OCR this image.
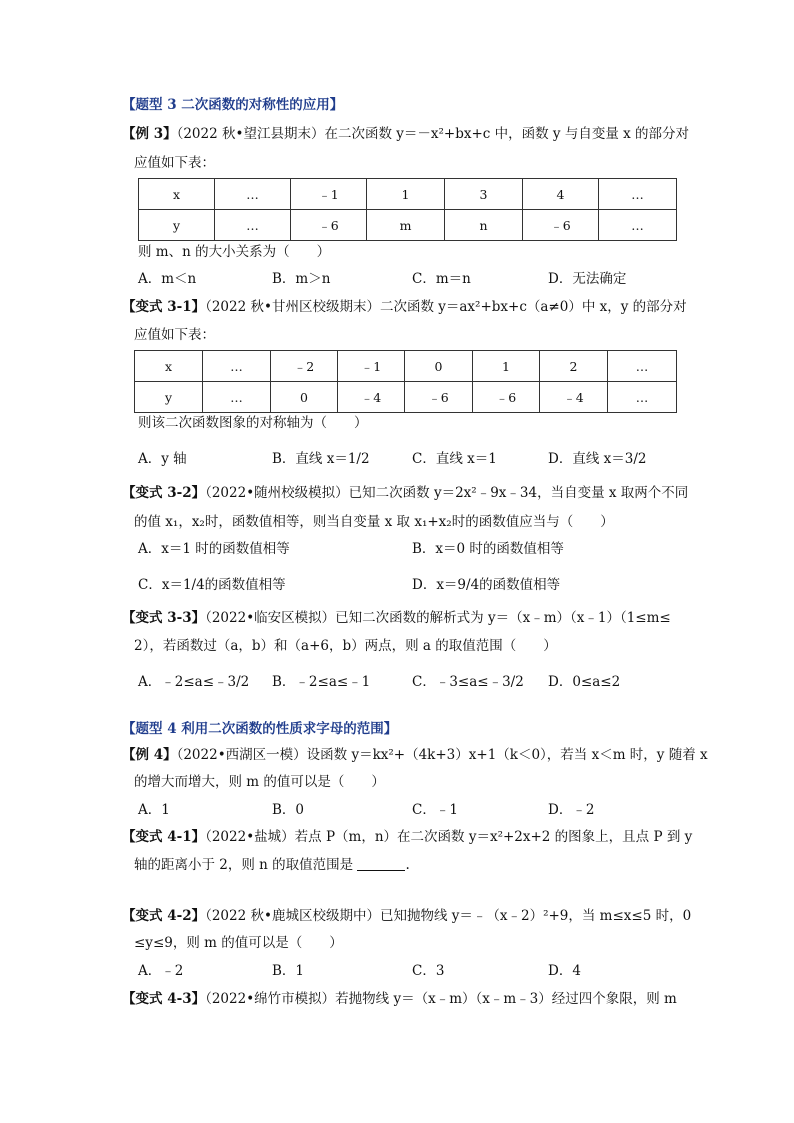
【题型 3 二次函数的对称性的应用】
【例 3】（2022 秋•望江县期末）在二次函数 y＝－x²+bx+c 中，函数 y 与自变量 x 的部分对
应值如下表：
x	…	﹣1	1	3	4	…
y	…	﹣6	m	n	﹣6	…
则 m、n 的大小关系为（　　）
A．m＜n	B．m＞n	C．m＝n	D．无法确定
【变式 3-1】（2022 秋•甘州区校级期末）二次函数 y＝ax²+bx+c（a≠0）中 x，y 的部分对
应值如下表：
x	…	﹣2	﹣1	0	1	2	…
y	…	0	﹣4	﹣6	﹣6	﹣4	…
则该二次函数图象的对称轴为（　　）
A．y 轴	B．直线 x＝1/2	C．直线 x＝1	D．直线 x＝3/2
【变式 3-2】（2022•随州校级模拟）已知二次函数 y＝2x²﹣9x﹣34，当自变量 x 取两个不同
的值 x₁，x₂时，函数值相等，则当自变量 x 取 x₁+x₂时的函数值应当与（　　）
A．x＝1 时的函数值相等	B．x＝0 时的函数值相等
C．x＝1/4的函数值相等	D．x＝9/4的函数值相等
【变式 3-3】（2022•临安区模拟）已知二次函数的解析式为 y＝（x﹣m）（x﹣1）（1≤m≤
2），若函数过（a，b）和（a+6，b）两点，则 a 的取值范围（　　）
A．﹣2≤a≤﹣3/2 B．﹣2≤a≤﹣1	C．﹣3≤a≤﹣3/2 D．0≤a≤2
【题型 4 利用二次函数的性质求字母的范围】
【例 4】（2022•西湖区一模）设函数 y＝kx²+（4k+3）x+1（k＜0），若当 x＜m 时，y 随着 x
的增大而增大，则 m 的值可以是（　　）
A．1	B．0	C．﹣1	D．﹣2
【变式 4-1】（2022•盐城）若点 P（m，n）在二次函数 y＝x²+2x+2 的图象上，且点 P 到 y
轴的距离小于 2，则 n 的取值范围是	.
【变式 4-2】（2022 秋•鹿城区校级期中）已知抛物线 y＝﹣（x﹣2）²+9，当 m≤x≤5 时，0
≤y≤9，则 m 的值可以是（　　）
A．﹣2	B．1	C．3	D．4
【变式 4-3】（2022•绵竹市模拟）若抛物线 y＝（x﹣m）（x﹣m﹣3）经过四个象限，则 m
